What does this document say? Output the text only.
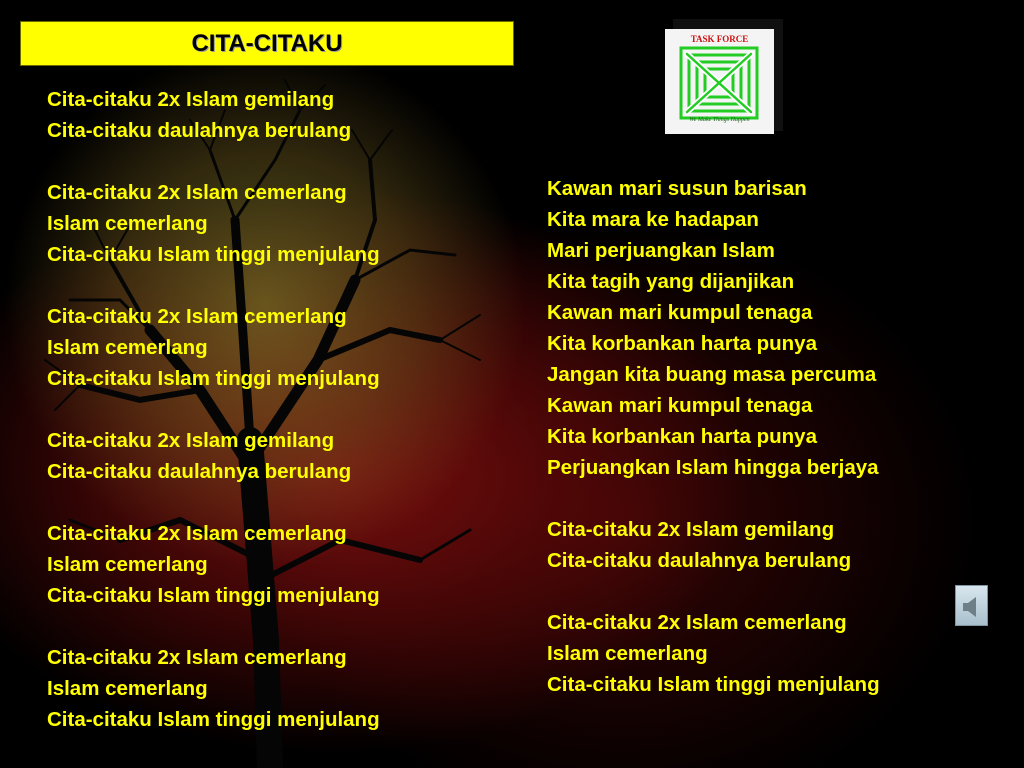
CITA-CITAKU	TASK FORCE
We Make Things Happen
Cita-citaku 2x Islam gemilang
Cita-citaku daulahnya berulang
Cita-citaku 2x Islam cemerlang
Islam cemerlang
Cita-citaku Islam tinggi menjulang
Cita-citaku 2x Islam cemerlang
Islam cemerlang
Cita-citaku Islam tinggi menjulang
Cita-citaku 2x Islam gemilang
Cita-citaku daulahnya berulang
Cita-citaku 2x Islam cemerlang
Islam cemerlang
Cita-citaku Islam tinggi menjulang
Cita-citaku 2x Islam cemerlang
Islam cemerlang
Cita-citaku Islam tinggi menjulang
Kawan mari susun barisan
Kita mara ke hadapan
Mari perjuangkan Islam
Kita tagih yang dijanjikan
Kawan mari kumpul tenaga
Kita korbankan harta punya
Jangan kita buang masa percuma
Kawan mari kumpul tenaga
Kita korbankan harta punya
Perjuangkan Islam hingga berjaya
Cita-citaku 2x Islam gemilang
Cita-citaku daulahnya berulang
Cita-citaku 2x Islam cemerlang
Islam cemerlang
Cita-citaku Islam tinggi menjulang
